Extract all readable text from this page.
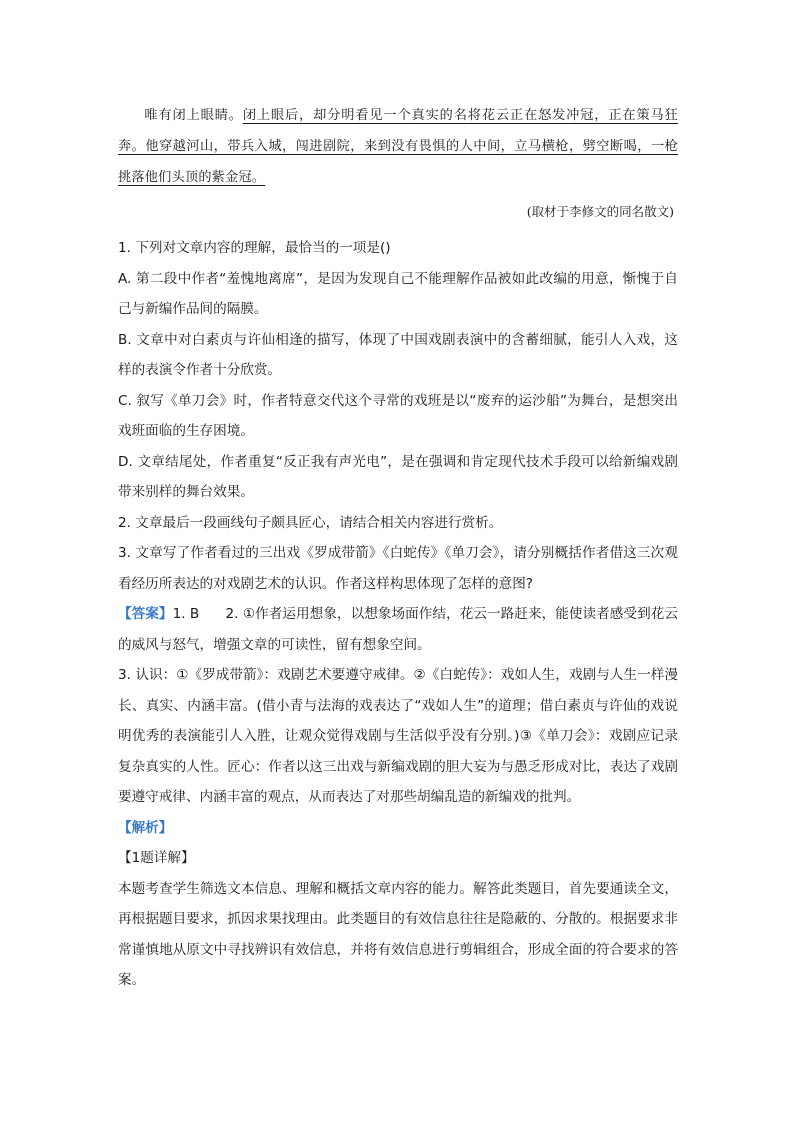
唯有闭上眼睛。闭上眼后，却分明看见一个真实的名将花云正在怒发冲冠，正在策马狂奔。他穿越河山，带兵入城，闯进剧院，来到没有畏惧的人中间，立马横枪，劈空断喝，一枪挑落他们头顶的紫金冠。

(取材于李修文的同名散文)

1. 下列对文章内容的理解，最恰当的一项是()

A. 第二段中作者“羞愧地离席”，是因为发现自己不能理解作品被如此改编的用意，惭愧于自己与新编作品间的隔膜。

B. 文章中对白素贞与许仙相逢的描写，体现了中国戏剧表演中的含蓄细腻，能引人入戏，这样的表演令作者十分欣赏。

C. 叙写《单刀会》时，作者特意交代这个寻常的戏班是以“废弃的运沙船”为舞台，是想突出戏班面临的生存困境。

D. 文章结尾处，作者重复“反正我有声光电”，是在强调和肯定现代技术手段可以给新编戏剧带来别样的舞台效果。

2. 文章最后一段画线句子颇具匠心，请结合相关内容进行赏析。

3. 文章写了作者看过的三出戏《罗成带箭》《白蛇传》《单刀会》，请分别概括作者借这三次观看经历所表达的对戏剧艺术的认识。作者这样构思体现了怎样的意图?

【答案】1. B 2. ①作者运用想象，以想象场面作结，花云一路赶来，能使读者感受到花云的威风与怒气，增强文章的可读性，留有想象空间。

3. 认识：①《罗成带箭》：戏剧艺术要遵守戒律。②《白蛇传》：戏如人生，戏剧与人生一样漫长、真实、内涵丰富。(借小青与法海的戏表达了“戏如人生”的道理；借白素贞与许仙的戏说明优秀的表演能引人入胜，让观众觉得戏剧与生活似乎没有分别。)③《单刀会》：戏剧应记录复杂真实的人性。匠心：作者以这三出戏与新编戏剧的胆大妄为与愚乏形成对比，表达了戏剧要遵守戒律、内涵丰富的观点，从而表达了对那些胡编乱造的新编戏的批判。

【解析】

【1题详解】

本题考查学生筛选文本信息、理解和概括文章内容的能力。解答此类题目，首先要通读全文，再根据题目要求，抓因求果找理由。此类题目的有效信息往往是隐蔽的、分散的。根据要求非常谨慎地从原文中寻找辨识有效信息，并将有效信息进行剪辑组合，形成全面的符合要求的答案。
